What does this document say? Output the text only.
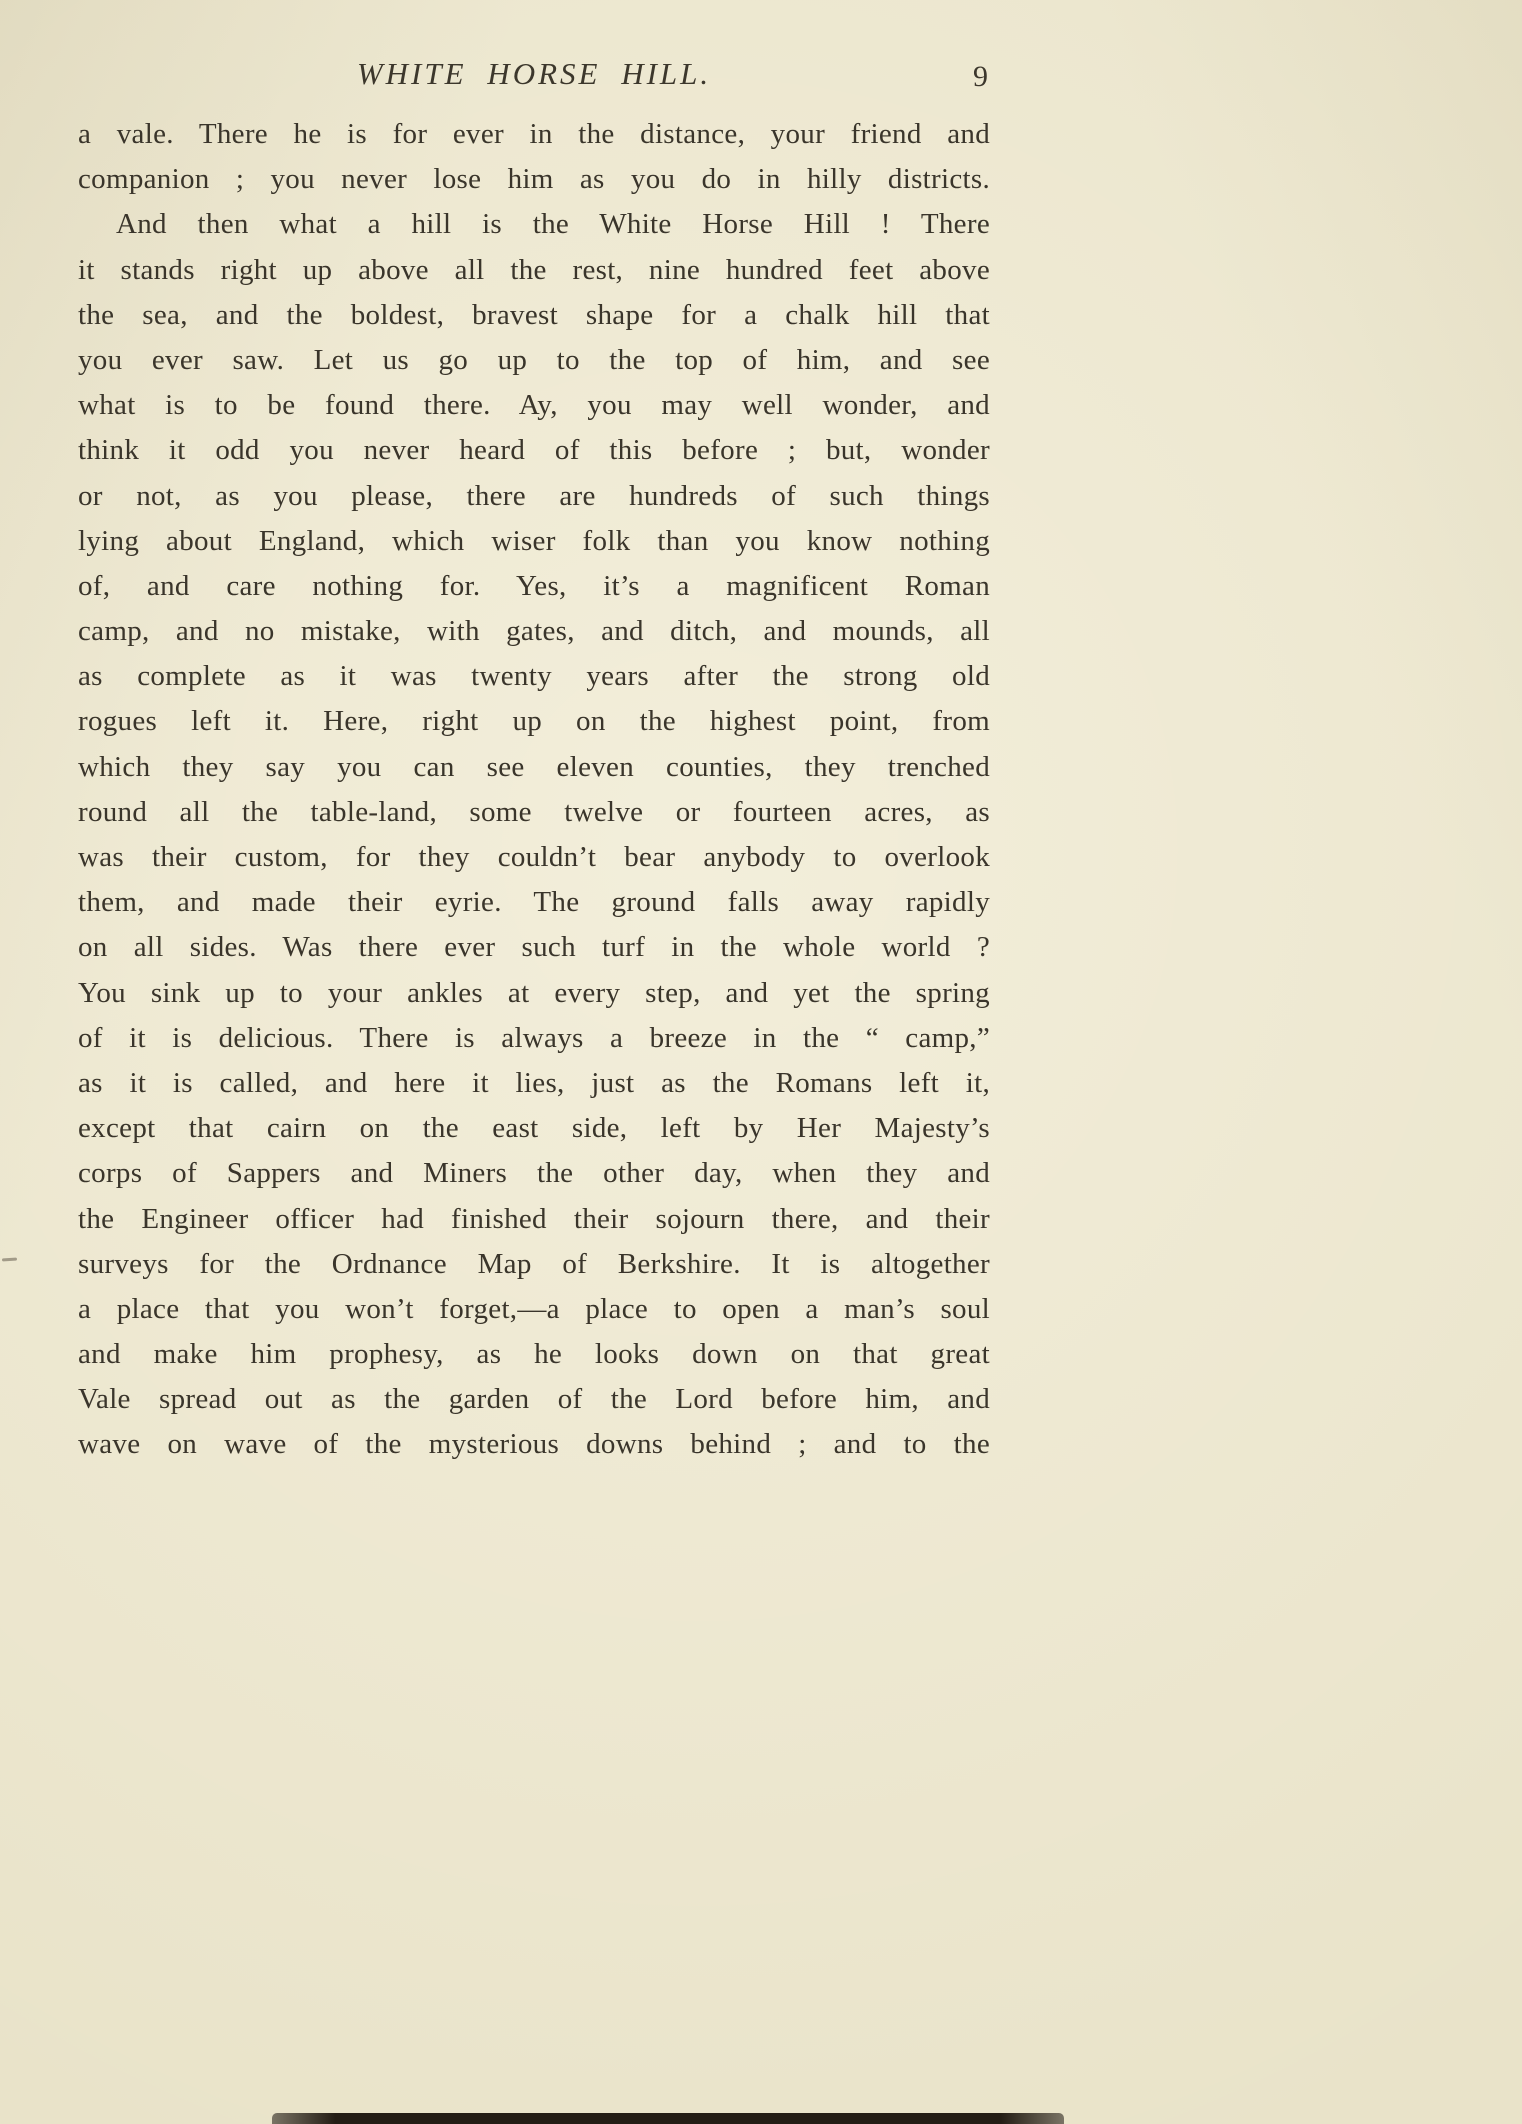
WHITE HORSE HILL.	9
a vale. There he is for ever in the distance, your friend and
companion ; you never lose him as you do in hilly districts.
And then what a hill is the White Horse Hill ! There
it stands right up above all the rest, nine hundred feet above
the sea, and the boldest, bravest shape for a chalk hill that
you ever saw. Let us go up to the top of him, and see
what is to be found there. Ay, you may well wonder, and
think it odd you never heard of this before ; but, wonder
or not, as you please, there are hundreds of such things
lying about England, which wiser folk than you know nothing
of, and care nothing for. Yes, it’s a magnificent Roman
camp, and no mistake, with gates, and ditch, and mounds, all
as complete as it was twenty years after the strong old
rogues left it. Here, right up on the highest point, from
which they say you can see eleven counties, they trenched
round all the table-land, some twelve or fourteen acres, as
was their custom, for they couldn’t bear anybody to overlook
them, and made their eyrie. The ground falls away rapidly
on all sides. Was there ever such turf in the whole world ?
You sink up to your ankles at every step, and yet the spring
of it is delicious. There is always a breeze in the “ camp,”
as it is called, and here it lies, just as the Romans left it,
except that cairn on the east side, left by Her Majesty’s
corps of Sappers and Miners the other day, when they and
the Engineer officer had finished their sojourn there, and their
surveys for the Ordnance Map of Berkshire. It is altogether
a place that you won’t forget,—a place to open a man’s soul
and make him prophesy, as he looks down on that great
Vale spread out as the garden of the Lord before him, and
wave on wave of the mysterious downs behind ; and to the
